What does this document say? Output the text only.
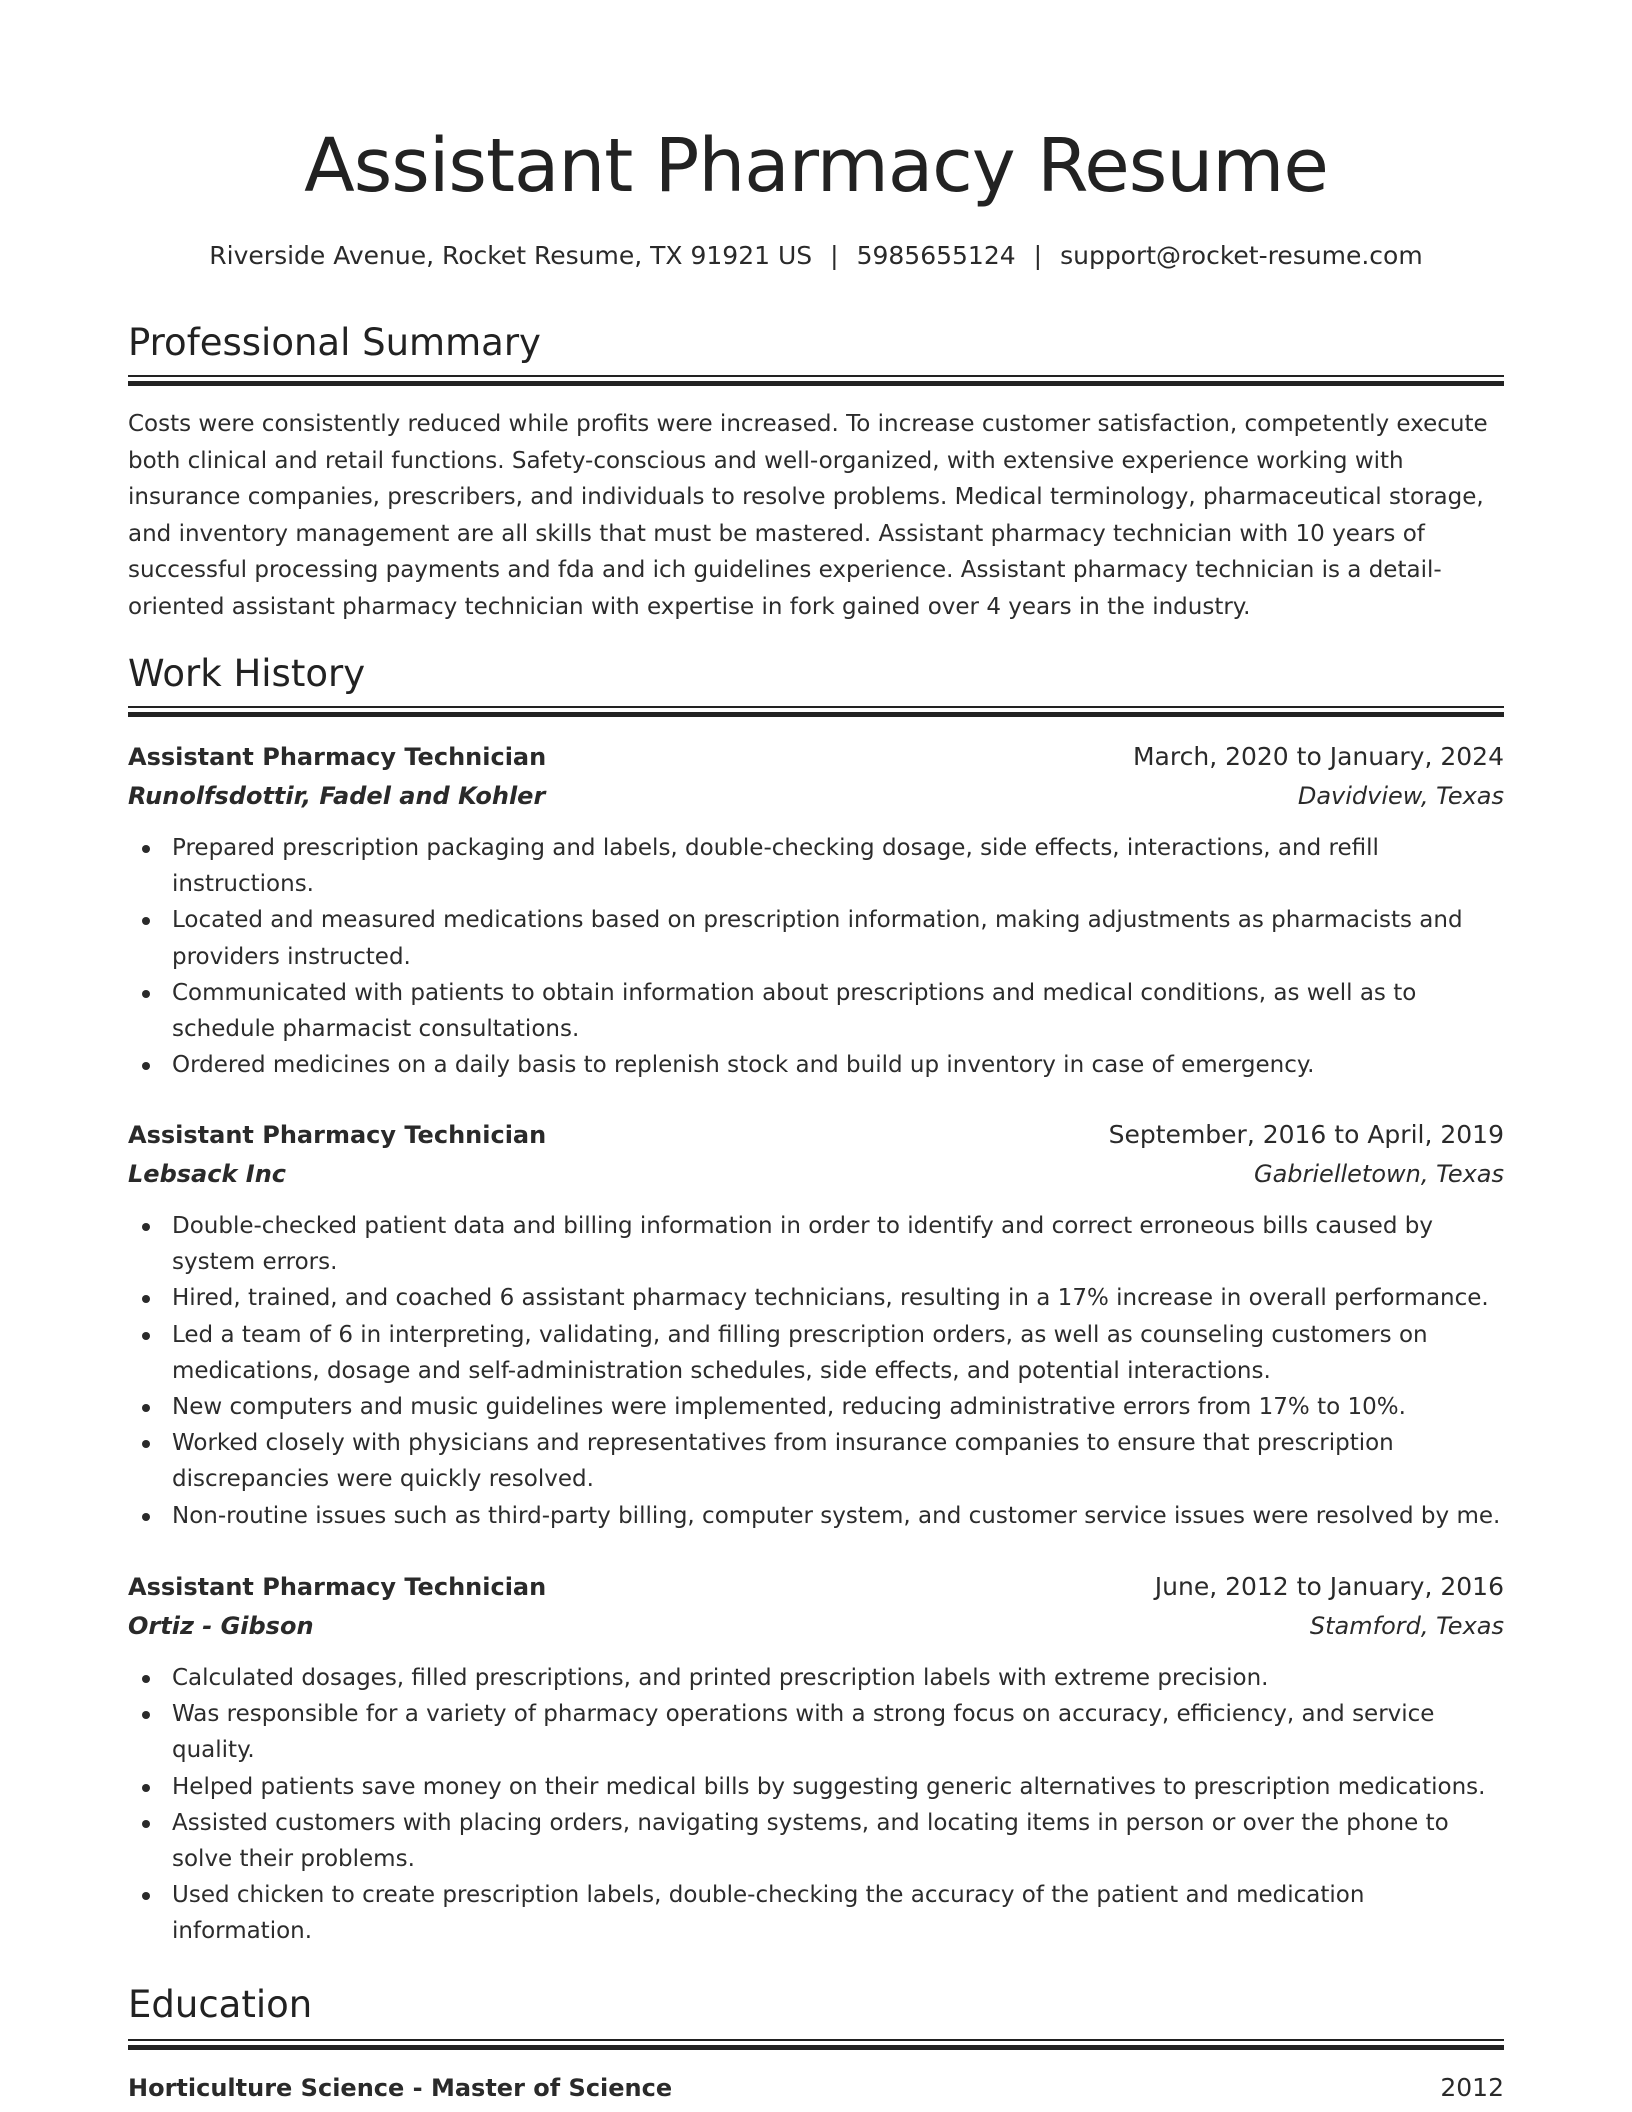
Assistant Pharmacy Resume
Riverside Avenue, Rocket Resume, TX 91921 US | 5985655124 | support@rocket-resume.com
Professional Summary

Costs were consistently reduced while profits were increased. To increase customer satisfaction, competently execute both clinical and retail functions. Safety-conscious and well-organized, with extensive experience working with insurance companies, prescribers, and individuals to resolve problems. Medical terminology, pharmaceutical storage, and inventory management are all skills that must be mastered. Assistant pharmacy technician with 10 years of successful processing payments and fda and ich guidelines experience. Assistant pharmacy technician is a detail-oriented assistant pharmacy technician with expertise in fork gained over 4 years in the industry.

Work History
Assistant Pharmacy Technician	March, 2020 to January, 2024
Runolfsdottir, Fadel and Kohler	Davidview, Texas
Prepared prescription packaging and labels, double-checking dosage, side effects, interactions, and refill instructions.
Located and measured medications based on prescription information, making adjustments as pharmacists and providers instructed.
Communicated with patients to obtain information about prescriptions and medical conditions, as well as to schedule pharmacist consultations.
Ordered medicines on a daily basis to replenish stock and build up inventory in case of emergency.
Assistant Pharmacy Technician	September, 2016 to April, 2019
Lebsack Inc	Gabrielletown, Texas
Double-checked patient data and billing information in order to identify and correct erroneous bills caused by system errors.
Hired, trained, and coached 6 assistant pharmacy technicians, resulting in a 17% increase in overall performance.
Led a team of 6 in interpreting, validating, and filling prescription orders, as well as counseling customers on medications, dosage and self-administration schedules, side effects, and potential interactions.
New computers and music guidelines were implemented, reducing administrative errors from 17% to 10%.
Worked closely with physicians and representatives from insurance companies to ensure that prescription discrepancies were quickly resolved.
Non-routine issues such as third-party billing, computer system, and customer service issues were resolved by me.
Assistant Pharmacy Technician	June, 2012 to January, 2016
Ortiz - Gibson	Stamford, Texas
Calculated dosages, filled prescriptions, and printed prescription labels with extreme precision.
Was responsible for a variety of pharmacy operations with a strong focus on accuracy, efficiency, and service quality.
Helped patients save money on their medical bills by suggesting generic alternatives to prescription medications.
Assisted customers with placing orders, navigating systems, and locating items in person or over the phone to solve their problems.
Used chicken to create prescription labels, double-checking the accuracy of the patient and medication information.
Education
Horticulture Science - Master of Science	2012
